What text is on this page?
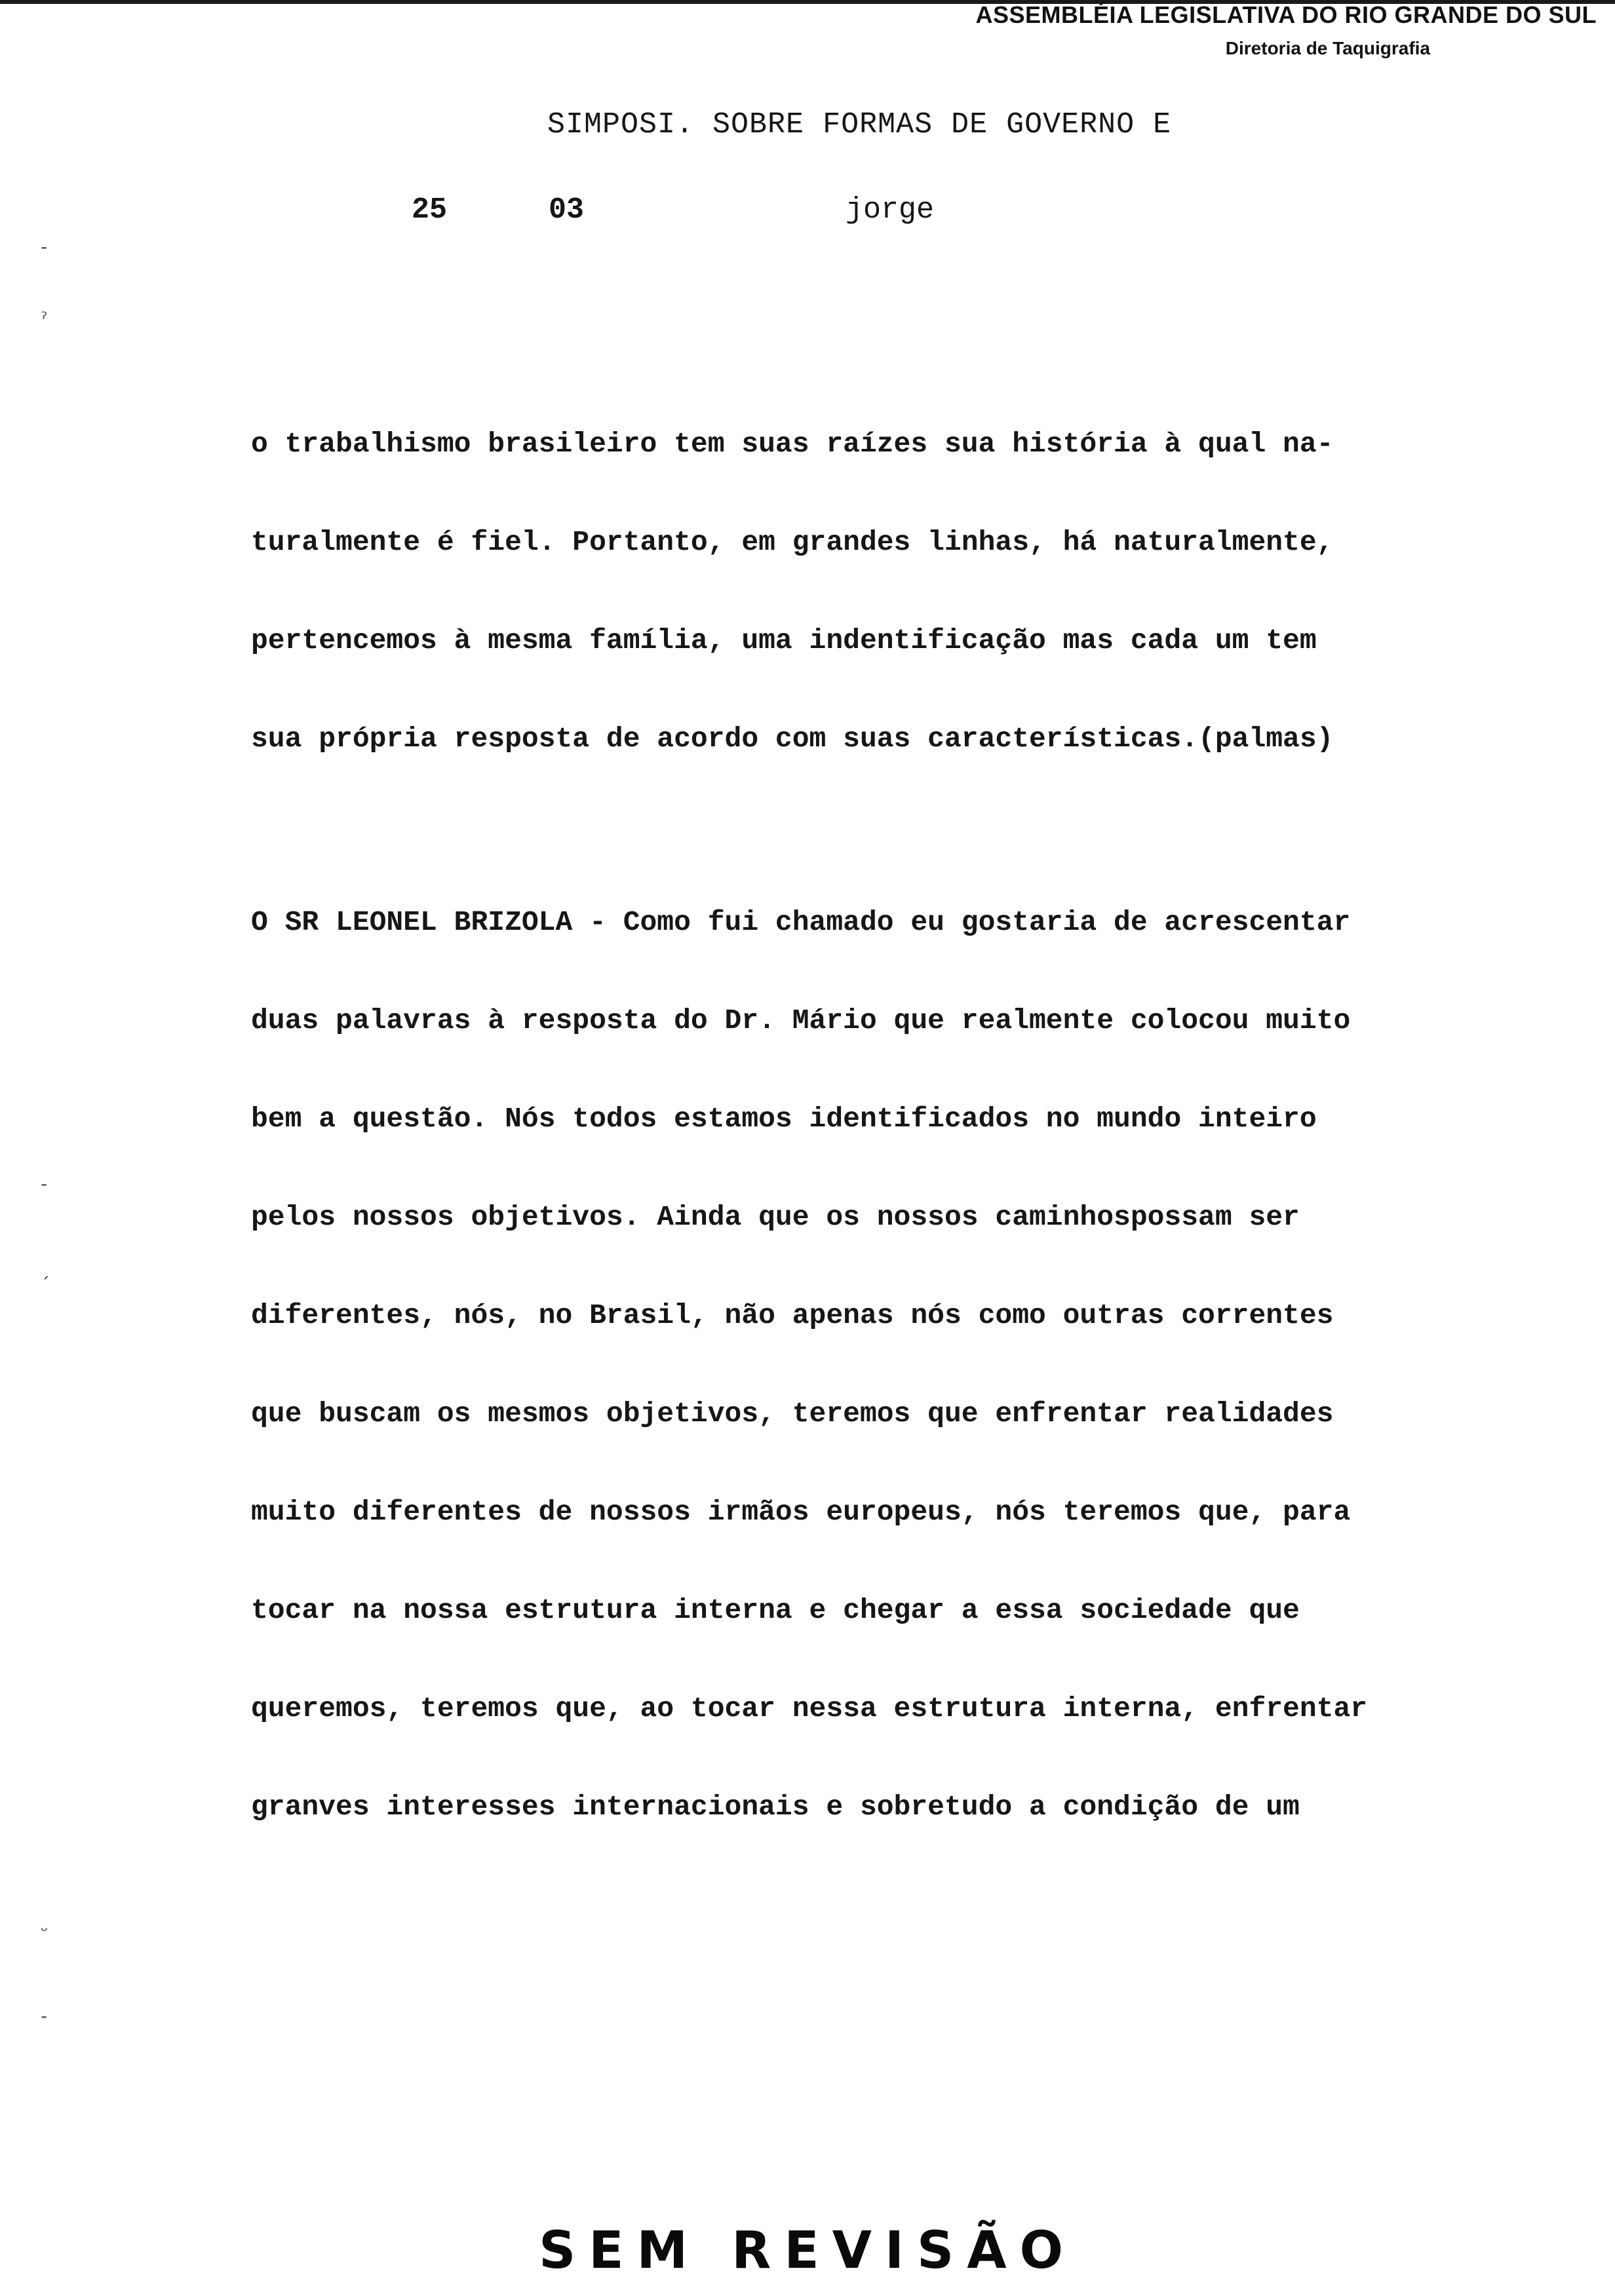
ASSEMBLÉIA LEGISLATIVA DO RIO GRANDE DO SUL
Diretoria de Taquigrafia
SIMPOSI. SOBRE FORMAS DE GOVERNO E
25	03	jorge
-
ˀ
-
ˏ
ᵕ
-
o trabalhismo brasileiro tem suas raízes sua história à qual na-
turalmente é fiel. Portanto, em grandes linhas, há naturalmente,
pertencemos à mesma família, uma indentificação mas cada um tem
sua própria resposta de acordo com suas características.(palmas)
O SR LEONEL BRIZOLA - Como fui chamado eu gostaria de acrescentar
duas palavras à resposta do Dr. Mário que realmente colocou muito
bem a questão. Nós todos estamos identificados no mundo inteiro
pelos nossos objetivos. Ainda que os nossos caminhospossam ser
diferentes, nós, no Brasil, não apenas nós como outras correntes
que buscam os mesmos objetivos, teremos que enfrentar realidades
muito diferentes de nossos irmãos europeus, nós teremos que, para
tocar na nossa estrutura interna e chegar a essa sociedade que
queremos, teremos que, ao tocar nessa estrutura interna, enfrentar
granves interesses internacionais e sobretudo a condição de um
SEM REVISÃO
